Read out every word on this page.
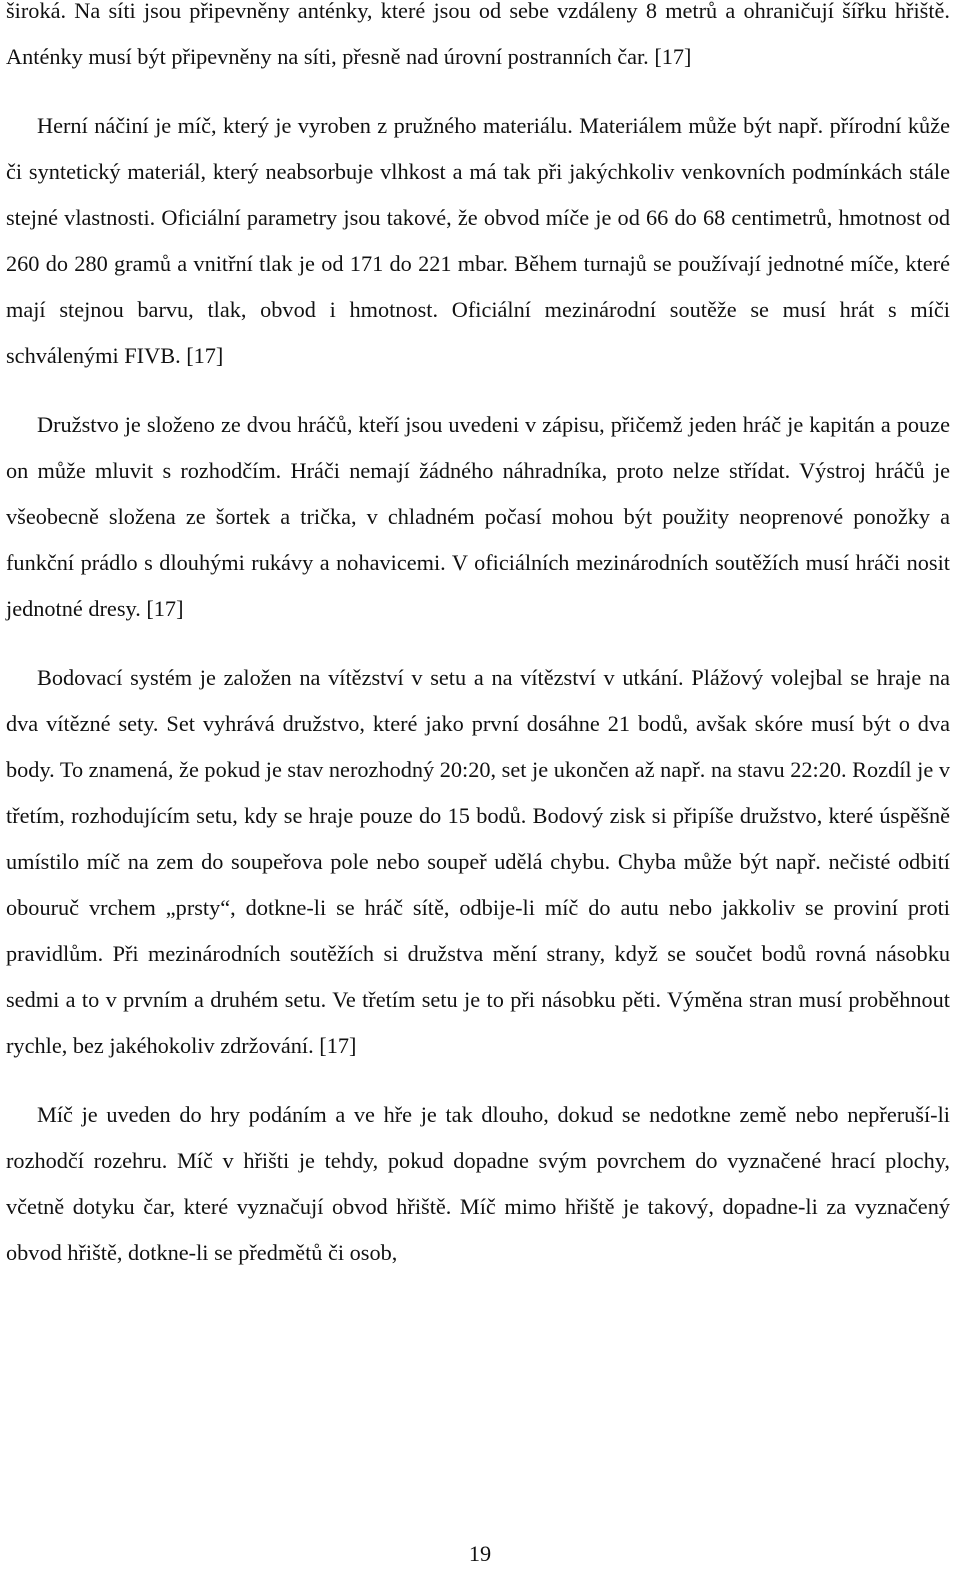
široká. Na síti jsou připevněny anténky, které jsou od sebe vzdáleny 8 metrů a ohraničují šířku hřiště. Anténky musí být připevněny na síti, přesně nad úrovní postranních čar. [17]

Herní náčiní je míč, který je vyroben z pružného materiálu. Materiálem může být např. přírodní kůže či syntetický materiál, který neabsorbuje vlhkost a má tak při jakýchkoliv venkovních podmínkách stále stejné vlastnosti. Oficiální parametry jsou takové, že obvod míče je od 66 do 68 centimetrů, hmotnost od 260 do 280 gramů a vnitřní tlak je od 171 do 221 mbar. Během turnajů se používají jednotné míče, které mají stejnou barvu, tlak, obvod i hmotnost. Oficiální mezinárodní soutěže se musí hrát s míči schválenými FIVB. [17]

Družstvo je složeno ze dvou hráčů, kteří jsou uvedeni v zápisu, přičemž jeden hráč je kapitán a pouze on může mluvit s rozhodčím. Hráči nemají žádného náhradníka, proto nelze střídat. Výstroj hráčů je všeobecně složena ze šortek a trička, v chladném počasí mohou být použity neoprenové ponožky a funkční prádlo s dlouhými rukávy a nohavicemi. V oficiálních mezinárodních soutěžích musí hráči nosit jednotné dresy. [17]

Bodovací systém je založen na vítězství v setu a na vítězství v utkání. Plážový volejbal se hraje na dva vítězné sety. Set vyhrává družstvo, které jako první dosáhne 21 bodů, avšak skóre musí být o dva body. To znamená, že pokud je stav nerozhodný 20:20, set je ukončen až např. na stavu 22:20. Rozdíl je v třetím, rozhodujícím setu, kdy se hraje pouze do 15 bodů. Bodový zisk si připíše družstvo, které úspěšně umístilo míč na zem do soupeřova pole nebo soupeř udělá chybu. Chyba může být např. nečisté odbití obouruč vrchem „prsty“, dotkne-li se hráč sítě, odbije-li míč do autu nebo jakkoliv se proviní proti pravidlům. Při mezinárodních soutěžích si družstva mění strany, když se součet bodů rovná násobku sedmi a to v prvním a druhém setu. Ve třetím setu je to při násobku pěti. Výměna stran musí proběhnout rychle, bez jakéhokoliv zdržování. [17]

Míč je uveden do hry podáním a ve hře je tak dlouho, dokud se nedotkne země nebo nepřeruší-li rozhodčí rozehru. Míč v hřišti je tehdy, pokud dopadne svým povrchem do vyznačené hrací plochy, včetně dotyku čar, které vyznačují obvod hřiště. Míč mimo hřiště je takový, dopadne-li za vyznačený obvod hřiště, dotkne-li se předmětů či osob,

19
